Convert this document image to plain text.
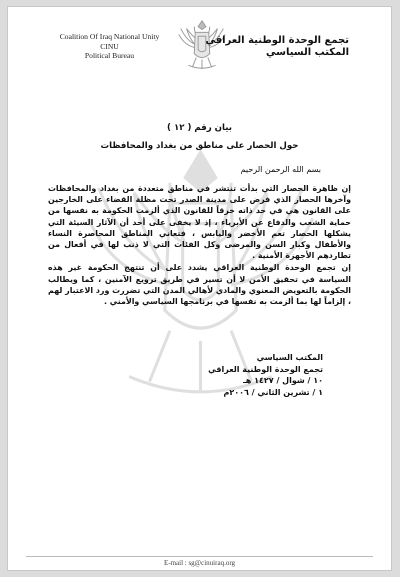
Coalition Of Iraq National Unity
CINU
Political Bureau
تجمع الوحدة الوطنية العراقي
المكتب السياسي
بيان رقم ( ١٢ )
حول الحصار على مناطق من بغداد والمحافظات
بسم الله الرحمن الرحيم

إن ظاهرة الحصار التي بدأت تنتشر في مناطق متعددة من بغداد والمحافظات وآخرها الحصار الذي فرض على مدينة الصدر تحت مظلة القضاء على الخارجين على القانون هي في حد ذاته خرقاً للقانون الذي ألزمت الحكومة به نفسها من حماية الشعب والدفاع عن الأبرياء ، إذ لا يخفى على أحد أن الآثار السيئة التي يشكلها الحصار تعم الأخضر واليابس ، فتعاني المناطق المحاصرة النساء والأطفال وكبار السن والمرضى وكل الفئات التي لا ذنب لها في أفعال من تطاردهم الأجهزة الأمنية .

إن تجمع الوحدة الوطنية العراقي يشدد على أن تنتهج الحكومة غير هذه السياسة في تحقيق الأمن لا أن تسير في طريق ترويع الآمنين ، كما ويطالب الحكومة بالتعويض المعنوي والمادي لأهالي المدن التي تضررت ورد الاعتبار لهم ، إلزاماً لها بما ألزمت به نفسها في برنامجها السياسي والأمني .

المكتب السياسي
تجمع الوحدة الوطنية العراقي
١٠ / شوال / ١٤٢٧ هـ
١ / تشرين الثاني / ٢٠٠٦م
E-mail : sg@cinuiraq.org
